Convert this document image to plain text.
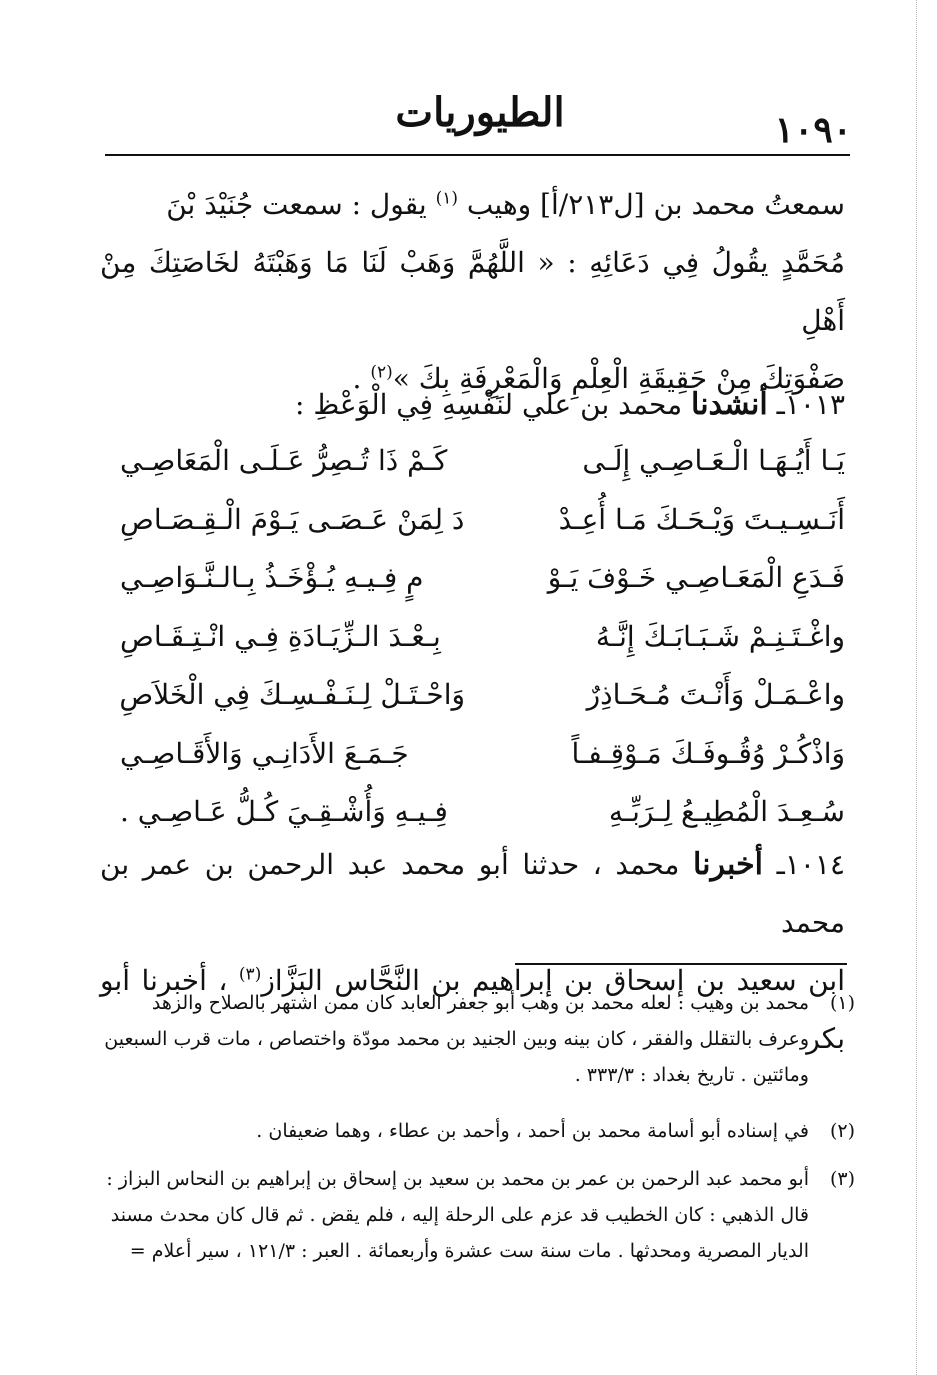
الطيوريات	١٠٩٠

سمعتُ محمد بن [ل٢١٣/أ] وهيب $^{(١)}$ يقول : سمعت جُنَيْدَ بْنَ

مُحَمَّدٍ يقُولُ فِي دَعَائِهِ : « اللَّهُمَّ وَهَبْ لَنَا مَا وَهَبْتَهُ لخَاصَتِكَ مِنْ أَهْلِ

صَفْوَتِكَ مِنْ حَقِيقَةِ الْعِلْمِ وَالْمَعْرِفَةِ بِكَ »$^{(٢)}$ .

١٠١٣ـ أنشدنا محمد بن علي لنَفْسِهِ فِي الْوَعْظِ :

يَـا أَيُـهَـا الْـعَـاصِـي إِلَـى
كَـمْ ذَا تُـصِرُّ عَـلَـى الْمَعَاصِـي
أَنَـسِـيـتَ وَيْـحَـكَ مَـا أُعِـدْ
دَ لِمَنْ عَـصَـى يَـوْمَ الْـقِـصَـاصِ
فَـدَعِ الْمَعَـاصِـي خَـوْفَ يَـوْ
مٍ فِـيـهِ يُـؤْخَـذُ بِـالـنَّـوَاصِـي
واغْـتَـنِـمْ شَـبَـابَـكَ إِنَّـهُ
بِـعْـدَ الـزِّيَـادَةِ فِـي انْـتِـقَـاصِ
واعْـمَـلْ وَأَنْـتَ مُـحَـاذِرٌ
وَاحْـتَـلْ لِـنَـفْـسِـكَ فِي الْخَلاَصِ
وَاذْكُـرْ وُقُـوفَـكَ مَـوْقِـفـاً
جَـمَـعَ الأَدَانِـي وَالأَقَـاصِـي
سُـعِـدَ الْمُطِيـعُ لِـرَبِّـهِ
فِـيـهِ وَأُشْـقِـيَ كُـلُّ عَـاصِـي .

١٠١٤ـ أخبرنا محمد ، حدثنا أبو محمد عبد الرحمن بن عمر بن محمد

ابن سعيد بن إسحاق بن إبراهيم بن النَّحَّاس البَزَّاز$^{(٣)}$ ، أخبرنا أبو بكر

(١)

محمد بن وهيب : لعله محمد بن وهب أبو جعفر العابد كان ممن اشتهر بالصلاح والزهد

وعرف بالتقلل والفقر ، كان بينه وبين الجنيد بن محمد مودّة واختصاص ، مات قرب السبعين

ومائتين . تاريخ بغداد : ٣٣٣/٣ .

(٢)

في إسناده أبو أسامة محمد بن أحمد ، وأحمد بن عطاء ، وهما ضعيفان .

(٣)

أبو محمد عبد الرحمن بن عمر بن محمد بن سعيد بن إسحاق بن إبراهيم بن النحاس البزاز :

قال الذهبي : كان الخطيب قد عزم على الرحلة إليه ، فلم يقض . ثم قال كان محدث مسند

الديار المصرية ومحدثها . مات سنة ست عشرة وأربعمائة . العبر : ١٢١/٣ ، سير أعلام =
